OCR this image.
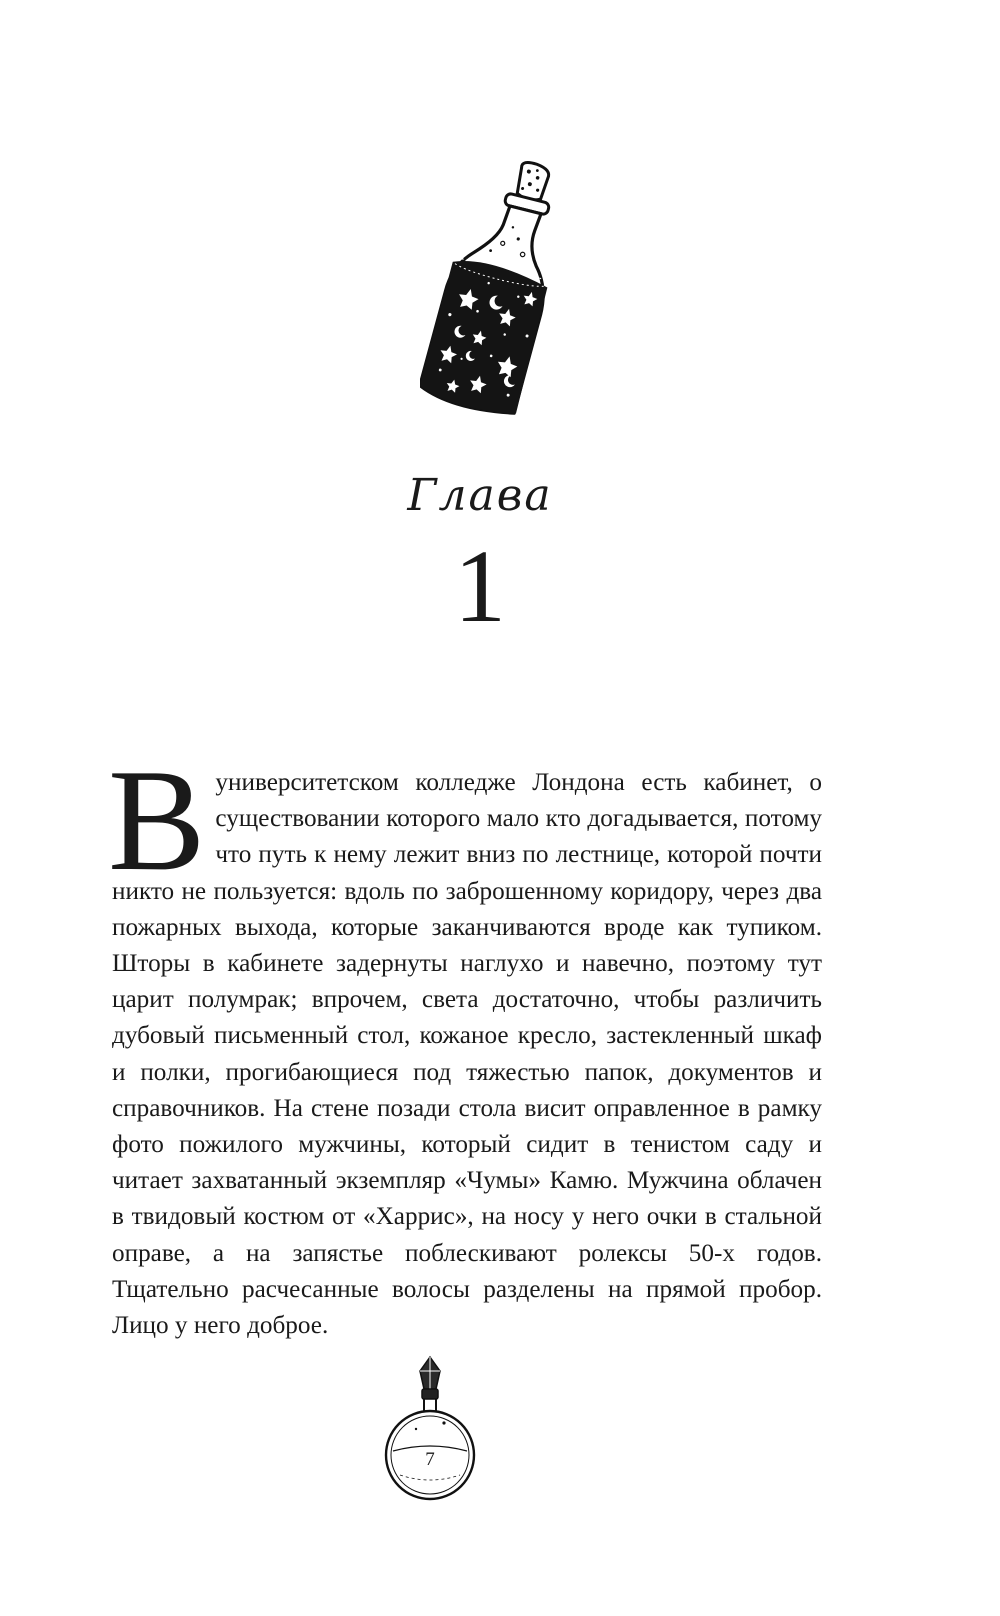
Глава
1

В университетском колледже Лондона есть кабинет, о существовании которого мало кто догадывается, потому что путь к нему лежит вниз по лестнице, которой почти никто не пользуется: вдоль по заброшенному коридору, через два пожарных выхода, которые заканчиваются вроде как тупиком. Шторы в кабинете задернуты наглухо и навечно, поэтому тут царит полумрак; впрочем, света достаточно, чтобы различить дубовый письменный стол, кожаное кресло, застекленный шкаф и полки, прогибающиеся под тяжестью папок, документов и справочников. На стене позади стола висит оправленное в рамку фото пожилого мужчины, который сидит в тенистом саду и читает захватанный экземпляр «Чумы» Камю. Мужчина облачен в твидовый костюм от «Харрис», на носу у него очки в стальной оправе, а на запястье поблескивают ролексы 50-х годов. Тщательно расчесанные волосы разделены на прямой пробор. Лицо у него доброе.

7
